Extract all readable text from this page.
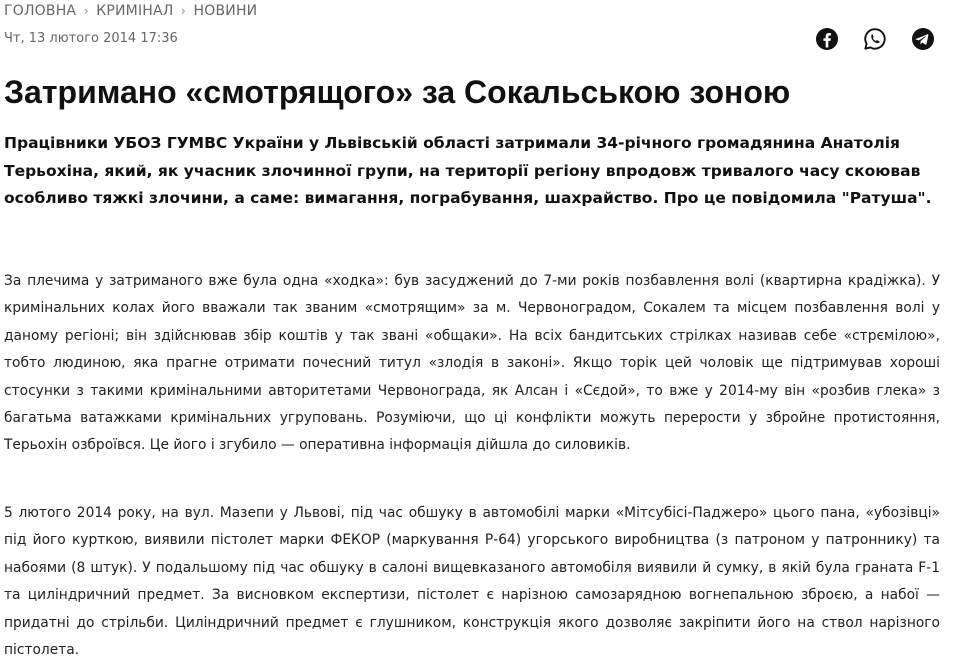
ГОЛОВНА › КРИМІНАЛ › НОВИНИ
Чт, 13 лютого 2014 17:36
Затримано «смотрящого» за Сокальською зоною

Працівники УБОЗ ГУМВС України у Львівській області затримали 34-річного громадянина Анатолія Терьохіна, який, як учасник злочинної групи, на території регіону впродовж тривалого часу скоював особливо тяжкі злочини, а саме: вимагання, пограбування, шахрайство. Про це повідомила "Ратуша".

За плечима у затриманого вже була одна «ходка»: був засуджений до 7-ми років позбавлення волі (квартирна крадіжка). У кримінальних колах його вважали так званим «смотрящим» за м. Червоноградом, Сокалем та місцем позбавлення волі у даному регіоні; він здійснював збір коштів у так звані «общаки». На всіх бандитських стрілках називав себе «стрємілою», тобто людиною, яка прагне отримати почесний титул «злодія в законі». Якщо торік цей чоловік ще підтримував хороші стосунки з такими кримінальними авторитетами Червонограда, як Алсан і «Сєдой», то вже у 2014-му він «розбив глека» з багатьма ватажками кримінальних угруповань. Розуміючи, що ці конфлікти можуть перерости у збройне протистояння, Терьохін озброївся. Це його і згубило — оперативна інформація дійшла до силовиків.

5 лютого 2014 року, на вул. Мазепи у Львові, під час обшуку в автомобілі марки «Мітсубісі-Паджеро» цього пана, «убозівці» під його курткою, виявили пістолет марки ФЕКОР (маркування Р-64) угорського виробництва (з патроном у патроннику) та набоями (8 штук). У подальшому під час обшуку в салоні вищевказаного автомобіля виявили й сумку, в якій була граната F-1 та циліндричний предмет. За висновком експертизи, пістолет є нарізною самозарядною вогнепальною зброєю, а набої — придатні до стрільби. Циліндричний предмет є глушником, конструкція якого дозволяє закріпити його на ствол нарізного пістолета.
